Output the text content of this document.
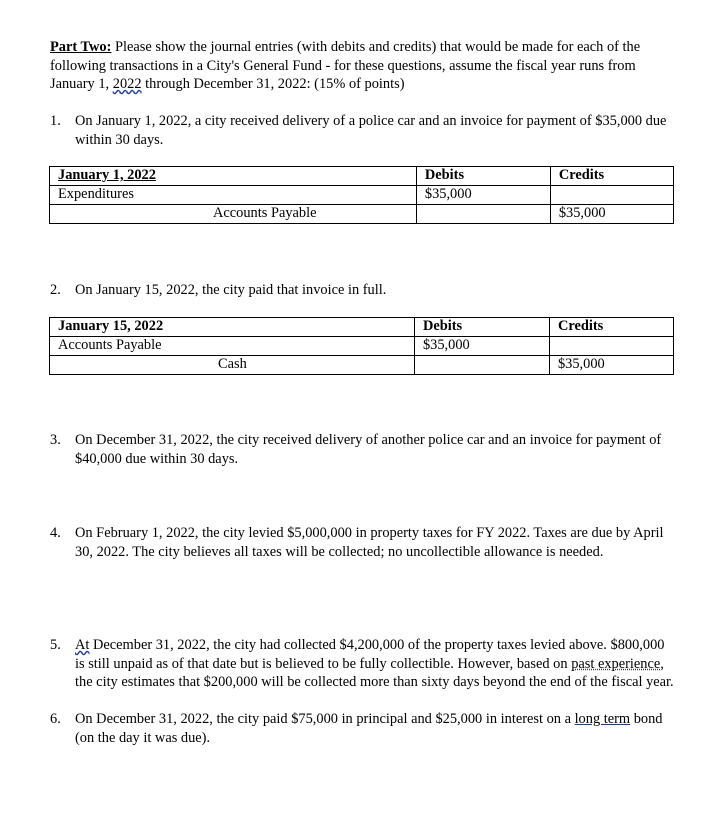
Part Two: Please show the journal entries (with debits and credits) that would be made for each of the following transactions in a City's General Fund - for these questions, assume the fiscal year runs from January 1, 2022 through December 31, 2022: (15% of points)
1. On January 1, 2022, a city received delivery of a police car and an invoice for payment of $35,000 due within 30 days.
January 1, 2022	Debits	Credits
Expenditures	$35,000	
Accounts Payable		$35,000
2. On January 15, 2022, the city paid that invoice in full.
January 15, 2022	Debits	Credits
Accounts Payable	$35,000	
Cash		$35,000
3. On December 31, 2022, the city received delivery of another police car and an invoice for payment of $40,000 due within 30 days.
4. On February 1, 2022, the city levied $5,000,000 in property taxes for FY 2022. Taxes are due by April 30, 2022. The city believes all taxes will be collected; no uncollectible allowance is needed.
5. At December 31, 2022, the city had collected $4,200,000 of the property taxes levied above. $800,000 is still unpaid as of that date but is believed to be fully collectible. However, based on past experience, the city estimates that $200,000 will be collected more than sixty days beyond the end of the fiscal year.
6. On December 31, 2022, the city paid $75,000 in principal and $25,000 in interest on a long term bond (on the day it was due).
